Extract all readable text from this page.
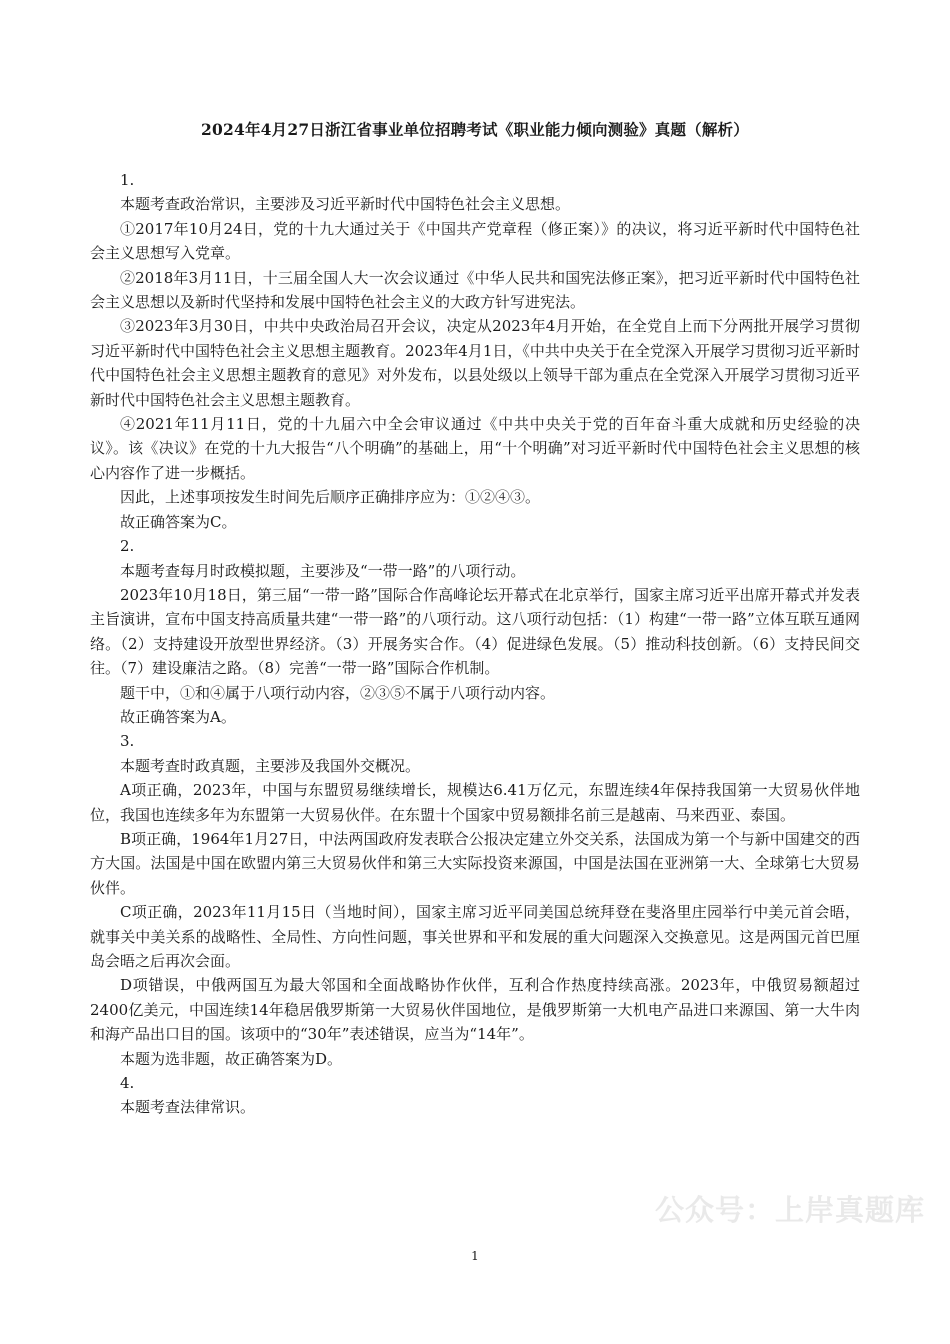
2024年4月27日浙江省事业单位招聘考试《职业能力倾向测验》真题（解析）

1.

本题考查政治常识，主要涉及习近平新时代中国特色社会主义思想。

①2017年10月24日，党的十九大通过关于《中国共产党章程（修正案）》的决议，将习近平新时代中国特色社会主义思想写入党章。

②2018年3月11日，十三届全国人大一次会议通过《中华人民共和国宪法修正案》，把习近平新时代中国特色社会主义思想以及新时代坚持和发展中国特色社会主义的大政方针写进宪法。

③2023年3月30日，中共中央政治局召开会议，决定从2023年4月开始，在全党自上而下分两批开展学习贯彻习近平新时代中国特色社会主义思想主题教育。2023年4月1日，《中共中央关于在全党深入开展学习贯彻习近平新时代中国特色社会主义思想主题教育的意见》对外发布，以县处级以上领导干部为重点在全党深入开展学习贯彻习近平新时代中国特色社会主义思想主题教育。

④2021年11月11日，党的十九届六中全会审议通过《中共中央关于党的百年奋斗重大成就和历史经验的决议》。该《决议》在党的十九大报告“八个明确”的基础上，用“十个明确”对习近平新时代中国特色社会主义思想的核心内容作了进一步概括。

因此，上述事项按发生时间先后顺序正确排序应为：①②④③。

故正确答案为C。

2.

本题考查每月时政模拟题，主要涉及“一带一路”的八项行动。

2023年10月18日，第三届“一带一路”国际合作高峰论坛开幕式在北京举行，国家主席习近平出席开幕式并发表主旨演讲，宣布中国支持高质量共建“一带一路”的八项行动。这八项行动包括：（1）构建“一带一路”立体互联互通网络。（2）支持建设开放型世界经济。（3）开展务实合作。（4）促进绿色发展。（5）推动科技创新。（6）支持民间交往。（7）建设廉洁之路。（8）完善“一带一路”国际合作机制。

题干中，①和④属于八项行动内容，②③⑤不属于八项行动内容。

故正确答案为A。

3.

本题考查时政真题，主要涉及我国外交概况。

A项正确，2023年，中国与东盟贸易继续增长，规模达6.41万亿元，东盟连续4年保持我国第一大贸易伙伴地位，我国也连续多年为东盟第一大贸易伙伴。在东盟十个国家中贸易额排名前三是越南、马来西亚、泰国。

B项正确，1964年1月27日，中法两国政府发表联合公报决定建立外交关系，法国成为第一个与新中国建交的西方大国。法国是中国在欧盟内第三大贸易伙伴和第三大实际投资来源国，中国是法国在亚洲第一大、全球第七大贸易伙伴。

C项正确，2023年11月15日（当地时间），国家主席习近平同美国总统拜登在斐洛里庄园举行中美元首会晤，就事关中美关系的战略性、全局性、方向性问题，事关世界和平和发展的重大问题深入交换意见。这是两国元首巴厘岛会晤之后再次会面。

D项错误，中俄两国互为最大邻国和全面战略协作伙伴，互利合作热度持续高涨。2023年，中俄贸易额超过2400亿美元，中国连续14年稳居俄罗斯第一大贸易伙伴国地位，是俄罗斯第一大机电产品进口来源国、第一大牛肉和海产品出口目的国。该项中的“30年”表述错误，应当为“14年”。

本题为选非题，故正确答案为D。

4.

本题考查法律常识。

公众号：上岸真题库
1
